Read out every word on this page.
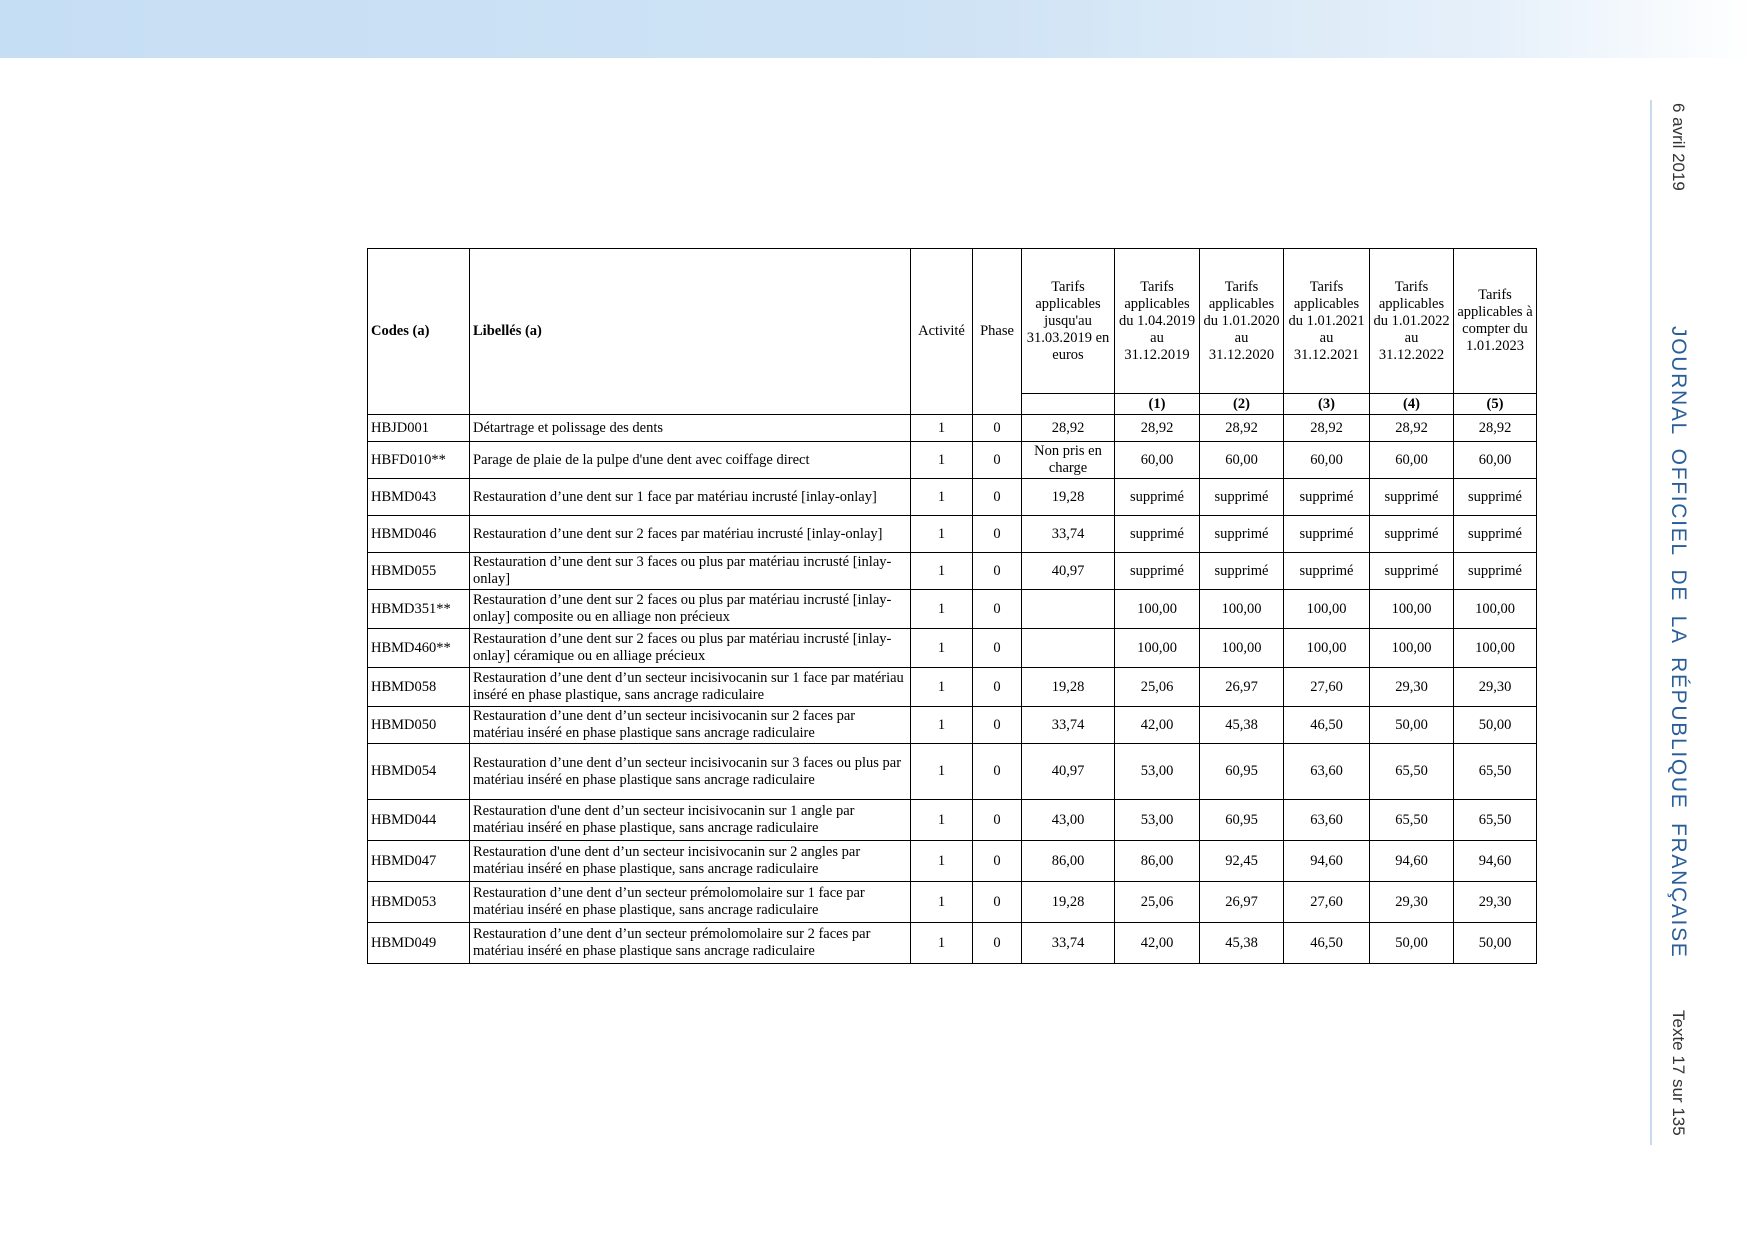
6 avril 2019
JOURNAL OFFICIEL DE LA RÉPUBLIQUE FRANÇAISE
Texte 17 sur 135
Codes (a)	Libellés (a)	Activité	Phase	Tarifs applicables jusqu'au 31.03.2019 en euros	Tarifs applicables du 1.04.2019 au 31.12.2019	Tarifs applicables du 1.01.2020 au 31.12.2020	Tarifs applicables du 1.01.2021 au 31.12.2021	Tarifs applicables du 1.01.2022 au 31.12.2022	Tarifs applicables à compter du 1.01.2023
					(1)	(2)	(3)	(4)	(5)
HBJD001	Détartrage et polissage des dents	1	0	28,92	28,92	28,92	28,92	28,92	28,92
HBFD010**	Parage de plaie de la pulpe d'une dent avec coiffage direct	1	0	Non pris en charge	60,00	60,00	60,00	60,00	60,00
HBMD043	Restauration d’une dent sur 1 face par matériau incrusté [inlay-onlay]	1	0	19,28	supprimé	supprimé	supprimé	supprimé	supprimé
HBMD046	Restauration d’une dent sur 2 faces par matériau incrusté [inlay-onlay]	1	0	33,74	supprimé	supprimé	supprimé	supprimé	supprimé
HBMD055	Restauration d’une dent sur 3 faces ou plus par matériau incrusté [inlay-onlay]	1	0	40,97	supprimé	supprimé	supprimé	supprimé	supprimé
HBMD351**	Restauration d’une dent sur 2 faces ou plus par matériau incrusté [inlay-onlay] composite ou en alliage non précieux	1	0		100,00	100,00	100,00	100,00	100,00
HBMD460**	Restauration d’une dent sur 2 faces ou plus par matériau incrusté [inlay-onlay] céramique ou en alliage précieux	1	0		100,00	100,00	100,00	100,00	100,00
HBMD058	Restauration d’une dent d’un secteur incisivocanin sur 1 face par matériau inséré en phase plastique, sans ancrage radiculaire	1	0	19,28	25,06	26,97	27,60	29,30	29,30
HBMD050	Restauration d’une dent d’un secteur incisivocanin sur 2 faces par matériau inséré en phase plastique sans ancrage radiculaire	1	0	33,74	42,00	45,38	46,50	50,00	50,00
HBMD054	Restauration d’une dent d’un secteur incisivocanin sur 3 faces ou plus par matériau inséré en phase plastique sans ancrage radiculaire	1	0	40,97	53,00	60,95	63,60	65,50	65,50
HBMD044	Restauration d'une dent d’un secteur incisivocanin sur 1 angle par matériau inséré en phase plastique, sans ancrage radiculaire	1	0	43,00	53,00	60,95	63,60	65,50	65,50
HBMD047	Restauration d'une dent d’un secteur incisivocanin sur 2 angles par matériau inséré en phase plastique, sans ancrage radiculaire	1	0	86,00	86,00	92,45	94,60	94,60	94,60
HBMD053	Restauration d’une dent d’un secteur prémolomolaire sur 1 face par matériau inséré en phase plastique, sans ancrage radiculaire	1	0	19,28	25,06	26,97	27,60	29,30	29,30
HBMD049	Restauration d’une dent d’un secteur prémolomolaire sur 2 faces par matériau inséré en phase plastique sans ancrage radiculaire	1	0	33,74	42,00	45,38	46,50	50,00	50,00
